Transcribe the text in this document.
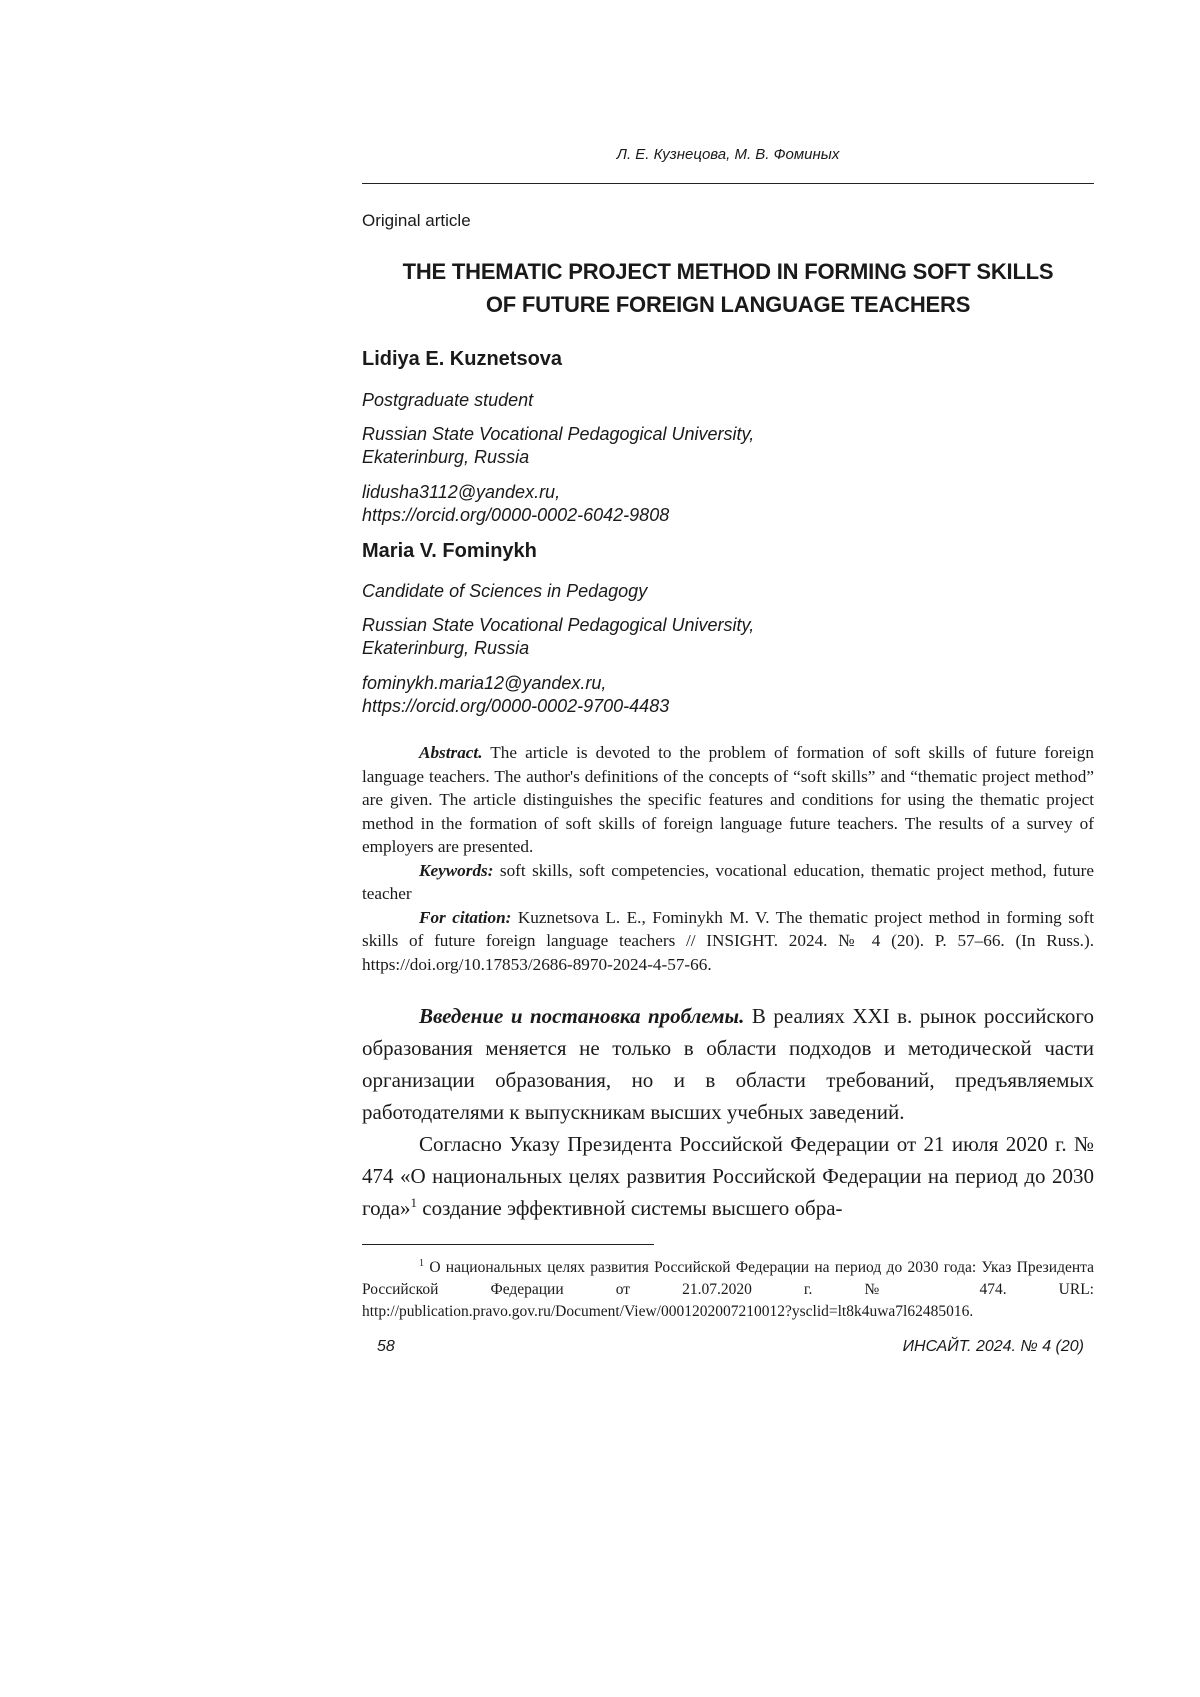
Л. Е. Кузнецова, М. В. Фоминых
Original article
THE THEMATIC PROJECT METHOD IN FORMING SOFT SKILLS
OF FUTURE FOREIGN LANGUAGE TEACHERS
Lidiya E. Kuznetsova
Postgraduate student
Russian State Vocational Pedagogical University,
Ekaterinburg, Russia
lidusha3112@yandex.ru,
https://orcid.org/0000-0002-6042-9808
Maria V. Fominykh
Candidate of Sciences in Pedagogy
Russian State Vocational Pedagogical University,
Ekaterinburg, Russia
fominykh.maria12@yandex.ru,
https://orcid.org/0000-0002-9700-4483

Abstract. The article is devoted to the problem of formation of soft skills of future foreign language teachers. The author's definitions of the concepts of “soft skills” and “thematic project method” are given. The article distinguishes the specific features and conditions for using the thematic project method in the formation of soft skills of foreign language future teachers. The results of a survey of employers are presented.

Keywords: soft skills, soft competencies, vocational education, thematic project method, future teacher

For citation: Kuznetsova L. E., Fominykh M. V. The thematic project method in forming soft skills of future foreign language teachers // INSIGHT. 2024. № 4 (20). P. 57–66. (In Russ.). https://doi.org/10.17853/2686-8970-2024-4-57-66.

Введение и постановка проблемы. В реалиях XXI в. рынок российского образования меняется не только в области подходов и методической части организации образования, но и в области требований, предъявляемых работодателями к выпускникам высших учебных заведений.

Согласно Указу Президента Российской Федерации от 21 июля 2020 г. № 474 «О национальных целях развития Российской Федерации на период до 2030 года»$^1$ создание эффективной системы высшего обра-

$^1$ О национальных целях развития Российской Федерации на период до 2030 года: Указ Президента Российской Федерации от 21.07.2020 г. № 474. URL: http://publication.pravo.gov.ru/Document/View/0001202007210012?ysclid=lt8k4uwa7l62485016.

58	ИНСАЙТ. 2024. № 4 (20)
